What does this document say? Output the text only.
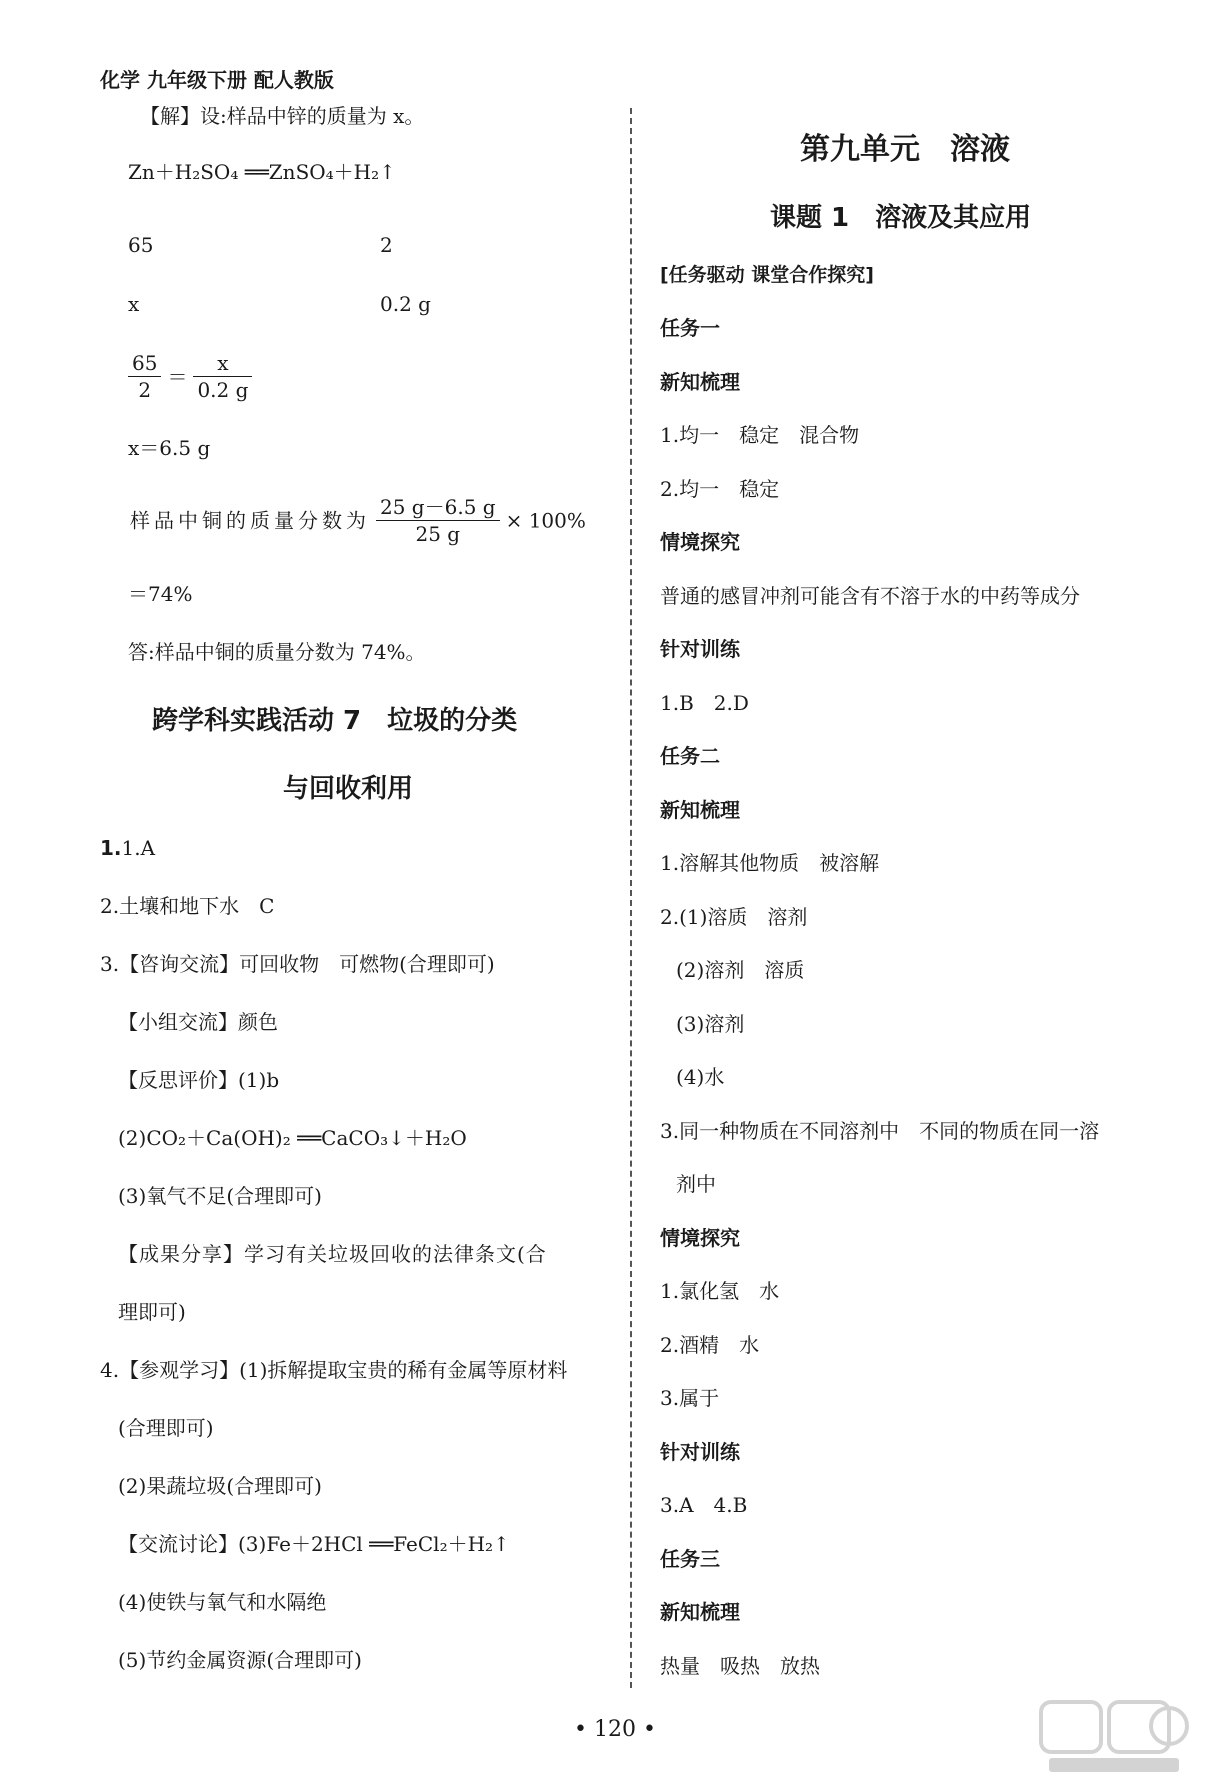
化学 九年级下册 配人教版
【解】设:样品中锌的质量为 x。
Zn＋H₂SO₄ ══ZnSO₄＋H₂↑
65	2
x	0.2 g
$\frac{65}{2} = \frac{x}{0.2 g}$
x＝6.5 g
样品中铜的质量分数为 $\frac{25 g-6.5 g}{25 g} \times 100\%$
＝74%
答:样品中铜的质量分数为 74%。
跨学科实践活动 7　垃圾的分类
与回收利用
1.1.A
2.土壤和地下水　C
3.【咨询交流】可回收物　可燃物(合理即可)
【小组交流】颜色
【反思评价】(1)b
(2)CO₂＋Ca(OH)₂ ══CaCO₃↓＋H₂O
(3)氧气不足(合理即可)
【成果分享】学习有关垃圾回收的法律条文(合
理即可)
4.【参观学习】(1)拆解提取宝贵的稀有金属等原材料
(合理即可)
(2)果蔬垃圾(合理即可)
【交流讨论】(3)Fe＋2HCl ══FeCl₂＋H₂↑
(4)使铁与氧气和水隔绝
(5)节约金属资源(合理即可)
第九单元　溶液
课题 1　溶液及其应用
[任务驱动 课堂合作探究]
任务一
新知梳理
1.均一　稳定　混合物
2.均一　稳定
情境探究
普通的感冒冲剂可能含有不溶于水的中药等成分
针对训练
1.B　2.D
任务二
新知梳理
1.溶解其他物质　被溶解
2.(1)溶质　溶剂
(2)溶剂　溶质
(3)溶剂
(4)水
3.同一种物质在不同溶剂中　不同的物质在同一溶
剂中
情境探究
1.氯化氢　水
2.酒精　水
3.属于
针对训练
3.A　4.B
任务三
新知梳理
热量　吸热　放热
• 120 •
